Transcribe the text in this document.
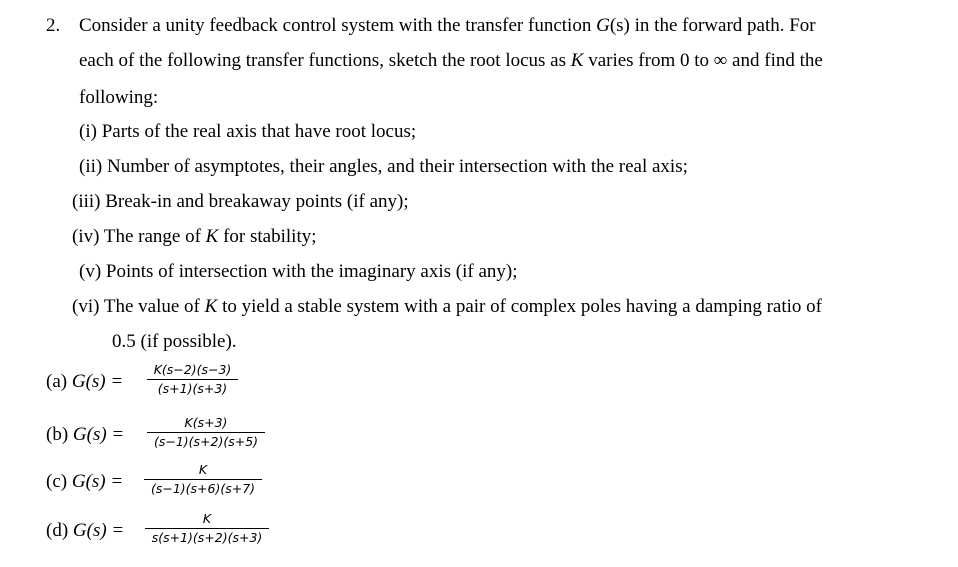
2. Consider a unity feedback control system with the transfer function G(s) in the forward path. For
each of the following transfer functions, sketch the root locus as K varies from 0 to ∞ and find the
following:
(i) Parts of the real axis that have root locus;
(ii) Number of asymptotes, their angles, and their intersection with the real axis;
(iii) Break-in and breakaway points (if any);
(iv) The range of K for stability;
(v) Points of intersection with the imaginary axis (if any);
(vi) The value of K to yield a stable system with a pair of complex poles having a damping ratio of
0.5 (if possible).
(a) G(s) =
K(s−2)(s−3)
(s+1)(s+3)
(b) G(s) =
K(s+3)
(s−1)(s+2)(s+5)
(c) G(s) =
K
(s−1)(s+6)(s+7)
(d) G(s) =
K
s(s+1)(s+2)(s+3)
